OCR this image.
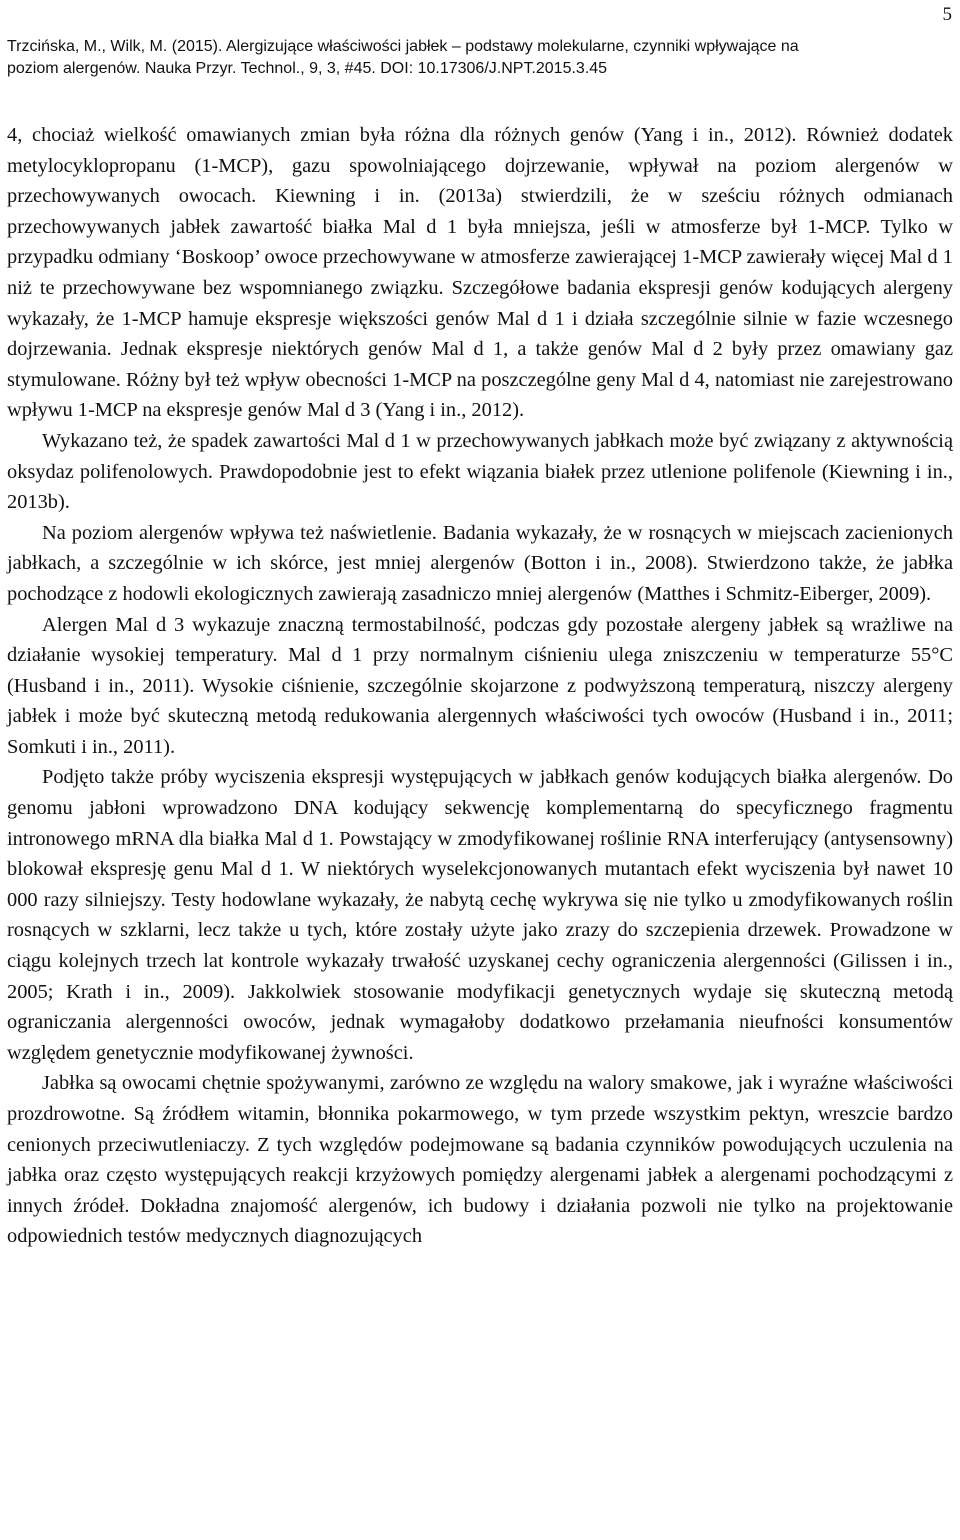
5
Trzcińska, M., Wilk, M. (2015). Alergizujące właściwości jabłek – podstawy molekularne, czynniki wpływające na
poziom alergenów. Nauka Przyr. Technol., 9, 3, #45. DOI: 10.17306/J.NPT.2015.3.45

4, chociaż wielkość omawianych zmian była różna dla różnych genów (Yang i in., 2012). Również dodatek metylocyklopropanu (1-MCP), gazu spowolniającego dojrzewanie, wpływał na poziom alergenów w przechowywanych owocach. Kiewning i in. (2013a) stwierdzili, że w sześciu różnych odmianach przechowywanych jabłek zawartość białka Mal d 1 była mniejsza, jeśli w atmosferze był 1-MCP. Tylko w przypadku odmiany ‘Boskoop’ owoce przechowywane w atmosferze zawierającej 1-MCP zawierały więcej Mal d 1 niż te przechowywane bez wspomnianego związku. Szczegółowe badania ekspresji genów kodujących alergeny wykazały, że 1-MCP hamuje ekspresje większości genów Mal d 1 i działa szczególnie silnie w fazie wczesnego dojrzewania. Jednak ekspresje niektórych genów Mal d 1, a także genów Mal d 2 były przez omawiany gaz stymulowane. Różny był też wpływ obecności 1-MCP na poszczególne geny Mal d 4, natomiast nie zarejestrowano wpływu 1-MCP na ekspresje genów Mal d 3 (Yang i in., 2012).

Wykazano też, że spadek zawartości Mal d 1 w przechowywanych jabłkach może być związany z aktywnością oksydaz polifenolowych. Prawdopodobnie jest to efekt wiązania białek przez utlenione polifenole (Kiewning i in., 2013b).

Na poziom alergenów wpływa też naświetlenie. Badania wykazały, że w rosnących w miejscach zacienionych jabłkach, a szczególnie w ich skórce, jest mniej alergenów (Botton i in., 2008). Stwierdzono także, że jabłka pochodzące z hodowli ekologicznych zawierają zasadniczo mniej alergenów (Matthes i Schmitz-Eiberger, 2009).

Alergen Mal d 3 wykazuje znaczną termostabilność, podczas gdy pozostałe alergeny jabłek są wrażliwe na działanie wysokiej temperatury. Mal d 1 przy normalnym ciśnieniu ulega zniszczeniu w temperaturze 55°C (Husband i in., 2011). Wysokie ciśnienie, szczególnie skojarzone z podwyższoną temperaturą, niszczy alergeny jabłek i może być skuteczną metodą redukowania alergennych właściwości tych owoców (Husband i in., 2011; Somkuti i in., 2011).

Podjęto także próby wyciszenia ekspresji występujących w jabłkach genów kodujących białka alergenów. Do genomu jabłoni wprowadzono DNA kodujący sekwencję komplementarną do specyficznego fragmentu intronowego mRNA dla białka Mal d 1. Powstający w zmodyfikowanej roślinie RNA interferujący (antysensowny) blokował ekspresję genu Mal d 1. W niektórych wyselekcjonowanych mutantach efekt wyciszenia był nawet 10 000 razy silniejszy. Testy hodowlane wykazały, że nabytą cechę wykrywa się nie tylko u zmodyfikowanych roślin rosnących w szklarni, lecz także u tych, które zostały użyte jako zrazy do szczepienia drzewek. Prowadzone w ciągu kolejnych trzech lat kontrole wykazały trwałość uzyskanej cechy ograniczenia alergenności (Gilissen i in., 2005; Krath i in., 2009). Jakkolwiek stosowanie modyfikacji genetycznych wydaje się skuteczną metodą ograniczania alergenności owoców, jednak wymagałoby dodatkowo przełamania nieufności konsumentów względem genetycznie modyfikowanej żywności.

Jabłka są owocami chętnie spożywanymi, zarówno ze względu na walory smakowe, jak i wyraźne właściwości prozdrowotne. Są źródłem witamin, błonnika pokarmowego, w tym przede wszystkim pektyn, wreszcie bardzo cenionych przeciwutleniaczy. Z tych względów podejmowane są badania czynników powodujących uczulenia na jabłka oraz często występujących reakcji krzyżowych pomiędzy alergenami jabłek a alergenami pochodzącymi z innych źródeł. Dokładna znajomość alergenów, ich budowy i działania pozwoli nie tylko na projektowanie odpowiednich testów medycznych diagnozujących
